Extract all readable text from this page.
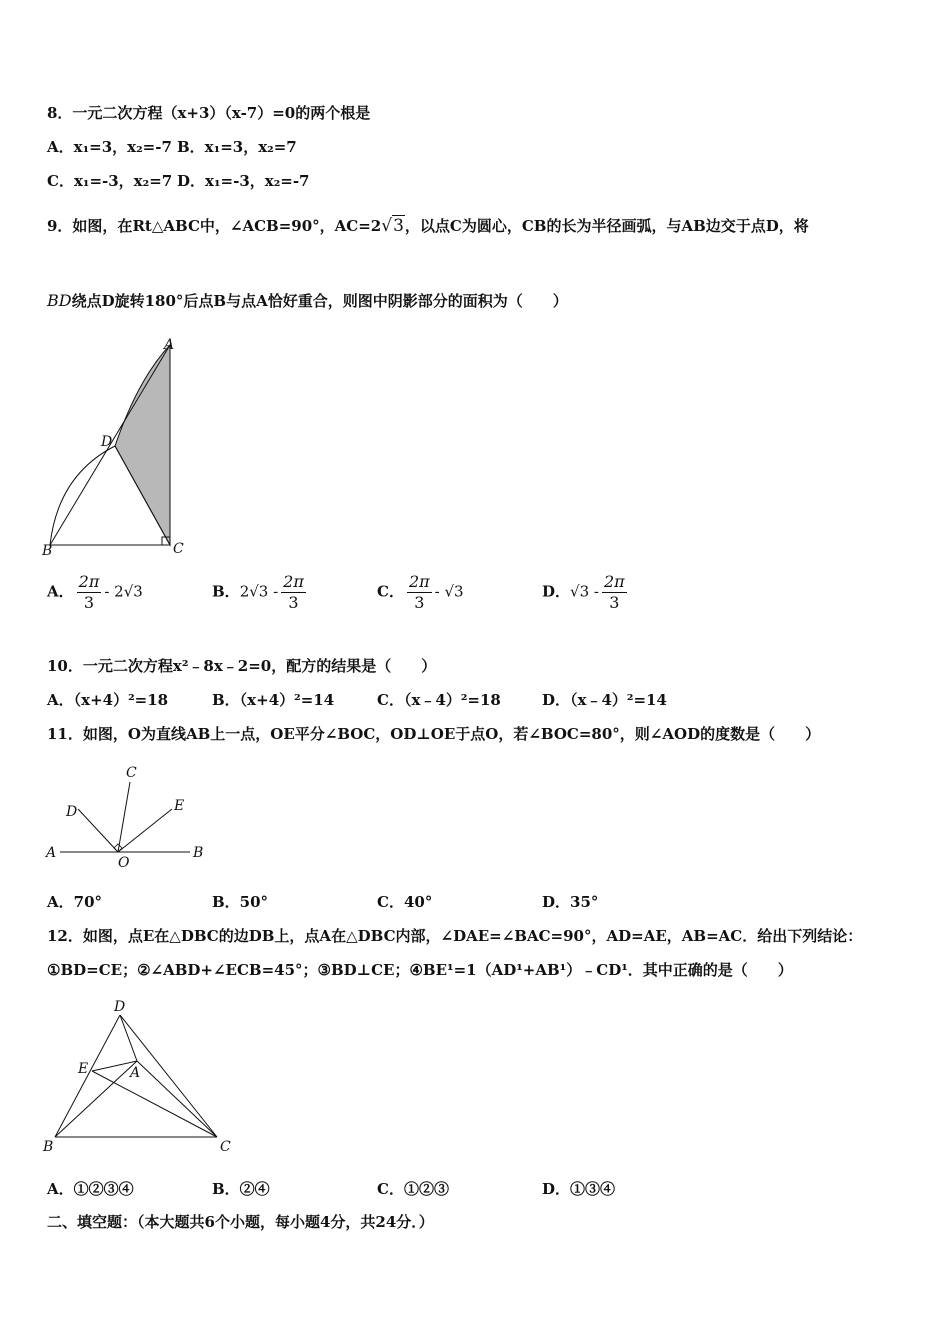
8．一元二次方程（x+3）（x-7）=0的两个根是
A．x₁=3，x₂=-7 B．x₁=3，x₂=7
C．x₁=-3，x₂=7 D．x₁=-3，x₂=-7
9．如图，在Rt△ABC中，∠ACB=90°，AC=2√3，以点C为圆心，CB的长为半径画弧，与AB边交于点D，将
BD绕点D旋转180°后点B与点A恰好重合，则图中阴影部分的面积为（　　）
A
B	C
D
A． $\frac{2\pi}{3} - 2√3$	B．$2√3 - \frac{2\pi}{3}$	C． $\frac{2\pi}{3} - √3$	D．$√3 - \frac{2\pi}{3}$
10．一元二次方程x²﹣8x﹣2=0，配方的结果是（　　）
A．（x+4）²=18	B．（x+4）²=14	C．（x﹣4）²=18	D．（x﹣4）²=14
11．如图，O为直线AB上一点，OE平分∠BOC，OD⊥OE于点O，若∠BOC=80°，则∠AOD的度数是（　　）
A	B
C
D	E
O
A．70°	B．50°	C．40°	D．35°
12．如图，点E在△DBC的边DB上，点A在△DBC内部，∠DAE=∠BAC=90°，AD=AE，AB=AC．给出下列结论：
①BD=CE；②∠ABD+∠ECB=45°；③BD⊥CE；④BE¹=1（AD¹+AB¹）﹣CD¹．其中正确的是（　　）
D
E	A
B	C
A．①②③④	B．②④	C．①②③	D．①③④
二、填空题：（本大题共6个小题，每小题4分，共24分．）
